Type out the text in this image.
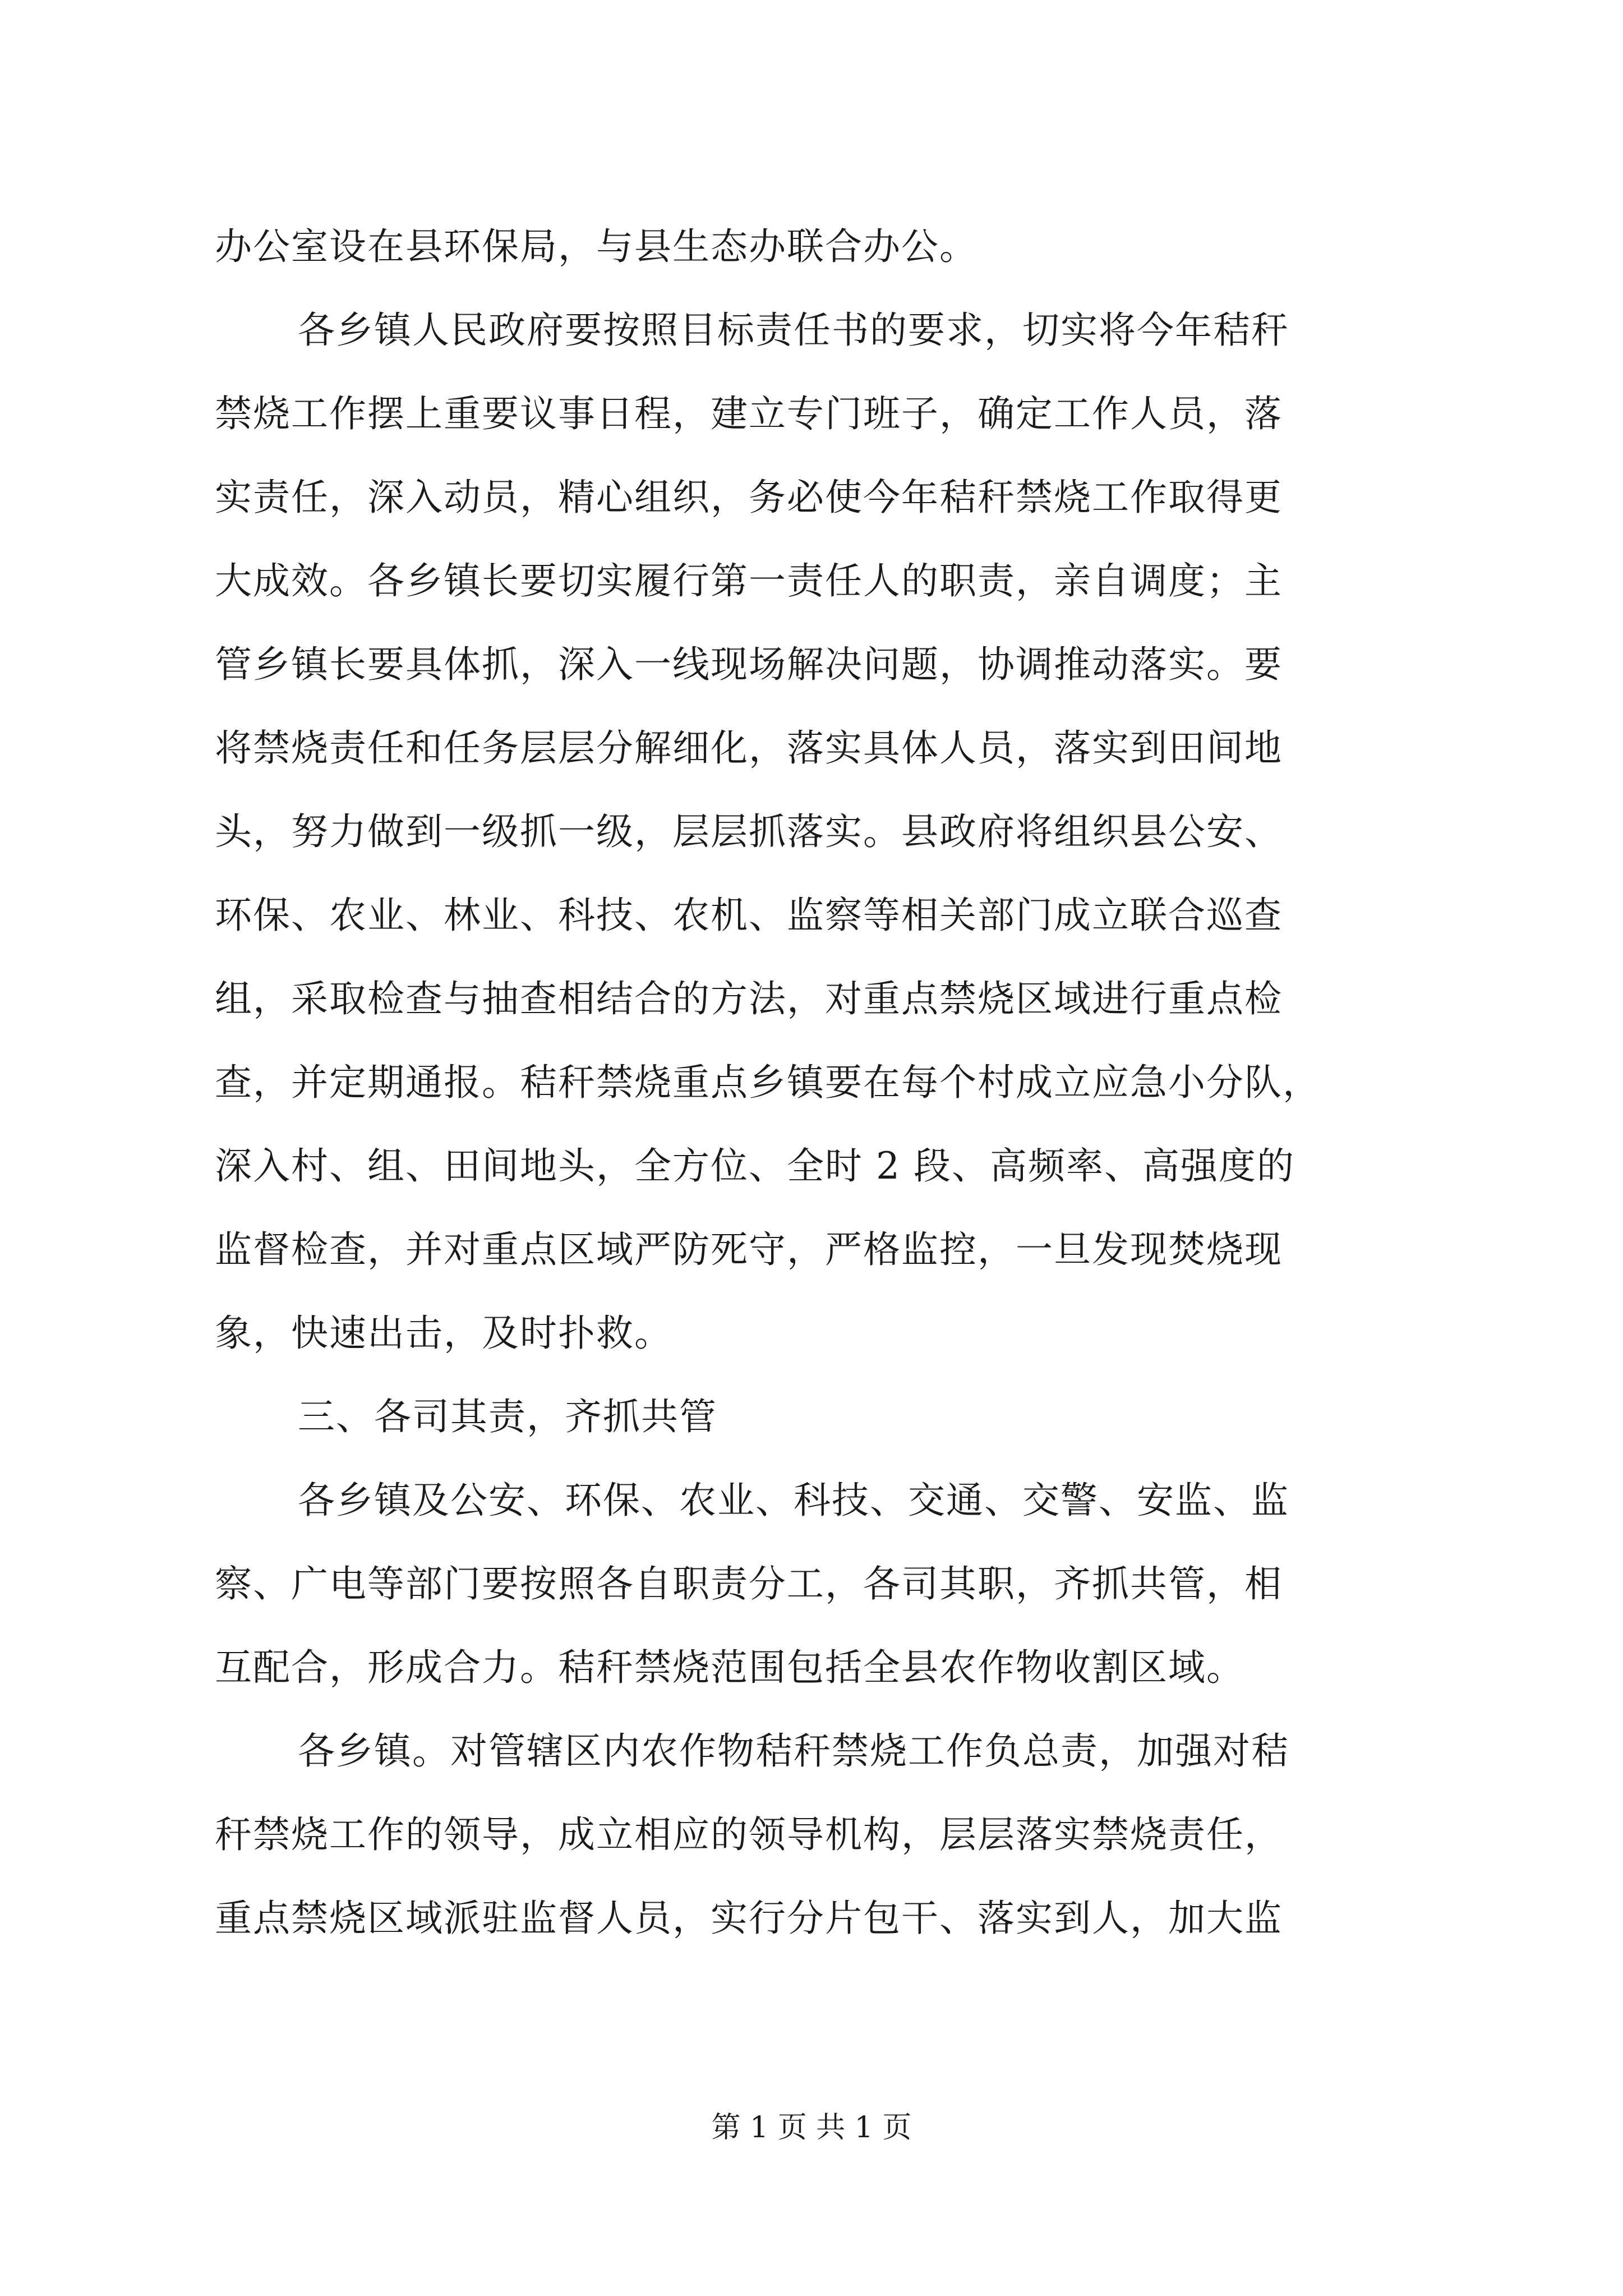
办公室设在县环保局，与县生态办联合办公。
各乡镇人民政府要按照目标责任书的要求，切实将今年秸秆
禁烧工作摆上重要议事日程，建立专门班子，确定工作人员，落
实责任，深入动员，精心组织，务必使今年秸秆禁烧工作取得更
大成效。各乡镇长要切实履行第一责任人的职责，亲自调度；主
管乡镇长要具体抓，深入一线现场解决问题，协调推动落实。要
将禁烧责任和任务层层分解细化，落实具体人员，落实到田间地
头，努力做到一级抓一级，层层抓落实。县政府将组织县公安、
环保、农业、林业、科技、农机、监察等相关部门成立联合巡查
组，采取检查与抽查相结合的方法，对重点禁烧区域进行重点检
查，并定期通报。秸秆禁烧重点乡镇要在每个村成立应急小分队，
深入村、组、田间地头，全方位、全时 2 段、高频率、高强度的
监督检查，并对重点区域严防死守，严格监控，一旦发现焚烧现
象，快速出击，及时扑救。
三、各司其责，齐抓共管
各乡镇及公安、环保、农业、科技、交通、交警、安监、监
察、广电等部门要按照各自职责分工，各司其职，齐抓共管，相
互配合，形成合力。秸秆禁烧范围包括全县农作物收割区域。
各乡镇。对管辖区内农作物秸秆禁烧工作负总责，加强对秸
秆禁烧工作的领导，成立相应的领导机构，层层落实禁烧责任，
重点禁烧区域派驻监督人员，实行分片包干、落实到人，加大监
第 1 页 共 1 页
